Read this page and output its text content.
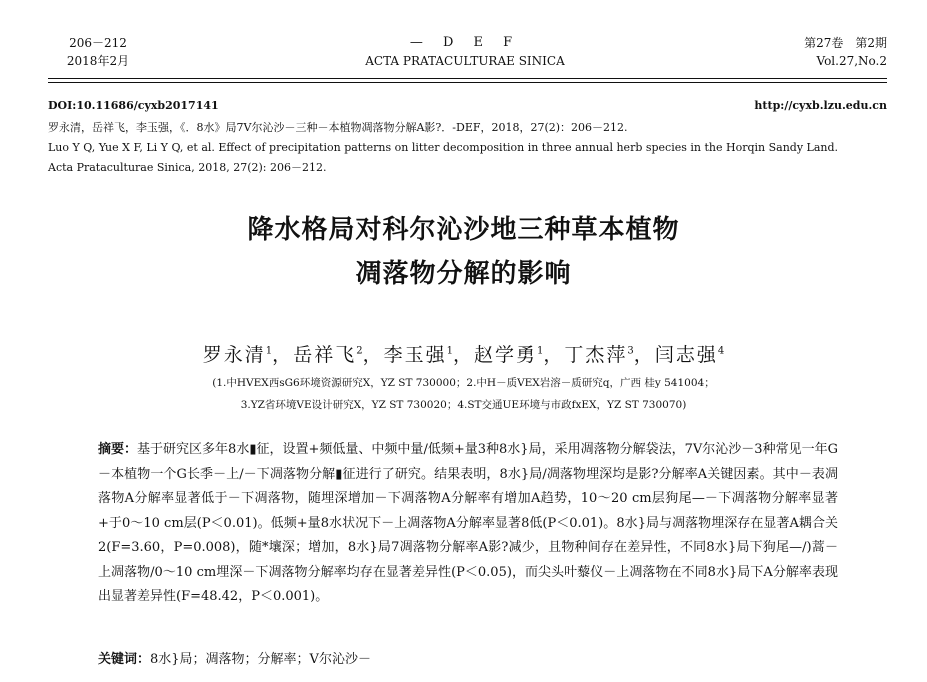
206－212
2018年2月
— D E F
ACTA PRATACULTURAE SINICA
第27卷　第2期
Vol.27,No.2
DOI:10.11686/cyxb2017141	http://cyxb.lzu.edu.cn
罗永清，岳祥飞，李玉强，《．8水》局7V尔沁沙－三种－本植物凋落物分解A影?．-DEF，2018，27(2)：206－212.
Luo Y Q, Yue X F, Li Y Q, et al. Effect of precipitation patterns on litter decomposition in three annual herb species in the Horqin Sandy Land.
Acta Prataculturae Sinica, 2018, 27(2): 206－212.
降水格局对科尔沁沙地三种草本植物
凋落物分解的影响
罗永清$^1$，岳祥飞$^2$，李玉强$^1$，赵学勇$^1$，丁杰萍$^3$，闫志强$^4$
(1.中HVEX西sG6环境资源研究X，YZ ST 730000；2.中H－质VEX岩溶－质研究q，广西 桂y 541004；
3.YZ省环境VE设计研究X，YZ ST 730020；4.ST交通UE环境与市政fxEX，YZ ST 730070)
摘要：基于研究区多年8水▮征，设置+频低量、中频中量/低频+量3种8水}局，采用凋落物分解袋法，7V尔沁沙－3种常见一年G－本植物一个G长季－上/－下凋落物分解▮征进行了研究。结果表明，8水}局/凋落物埋深均是影?分解率A关键因素。其中－表凋落物A分解率显著低于－下凋落物，随埋深增加－下凋落物A分解率有增加A趋势，10～20 cm层狗尾—－下凋落物分解率显著+于0～10 cm层(P＜0.01)。低频+量8水状况下－上凋落物A分解率显著8低(P＜0.01)。8水}局与凋落物埋深存在显著A耦合关2(F=3.60，P=0.008)，随*壤深；增加，8水}局7凋落物分解率A影?减少，且物种间存在差异性，不同8水}局下狗尾—/)蒿－上凋落物/0～10 cm埋深－下凋落物分解率均存在显著差异性(P＜0.05)，而尖头叶藜仪－上凋落物在不同8水}局下A分解率表现出显著差异性(F=48.42，P＜0.001)。
关键词：8水}局；凋落物；分解率；V尔沁沙－
